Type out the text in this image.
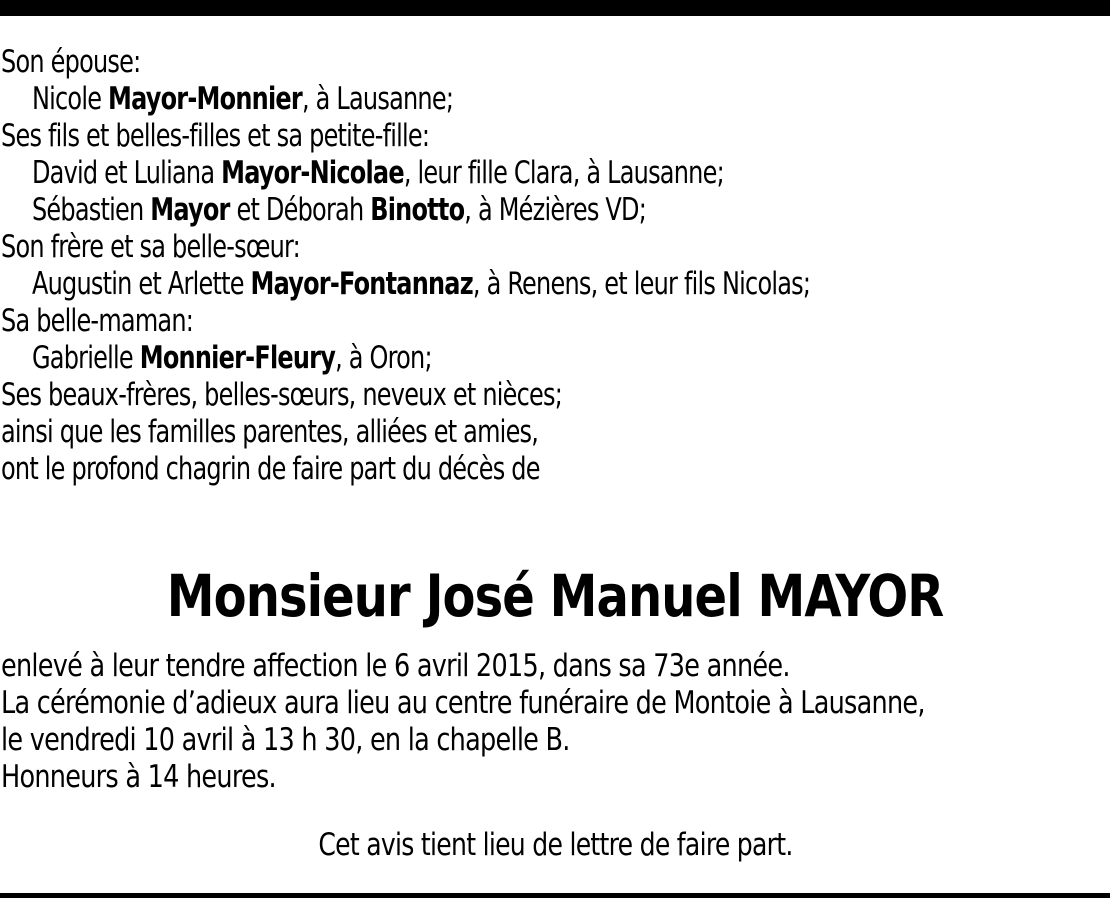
Son épouse:
Nicole Mayor-Monnier, à Lausanne;
Ses fils et belles-filles et sa petite-fille:
David et Luliana Mayor-Nicolae, leur fille Clara, à Lausanne;
Sébastien Mayor et Déborah Binotto, à Mézières VD;
Son frère et sa belle-sœur:
Augustin et Arlette Mayor-Fontannaz, à Renens, et leur fils Nicolas;
Sa belle-maman:
Gabrielle Monnier-Fleury, à Oron;
Ses beaux-frères, belles-sœurs, neveux et nièces;
ainsi que les familles parentes, alliées et amies,
ont le profond chagrin de faire part du décès de
Monsieur José Manuel MAYOR
enlevé à leur tendre affection le 6 avril 2015, dans sa 73e année.
La cérémonie d’adieux aura lieu au centre funéraire de Montoie à Lausanne,
le vendredi 10 avril à 13 h 30, en la chapelle B.
Honneurs à 14 heures.
Cet avis tient lieu de lettre de faire part.
